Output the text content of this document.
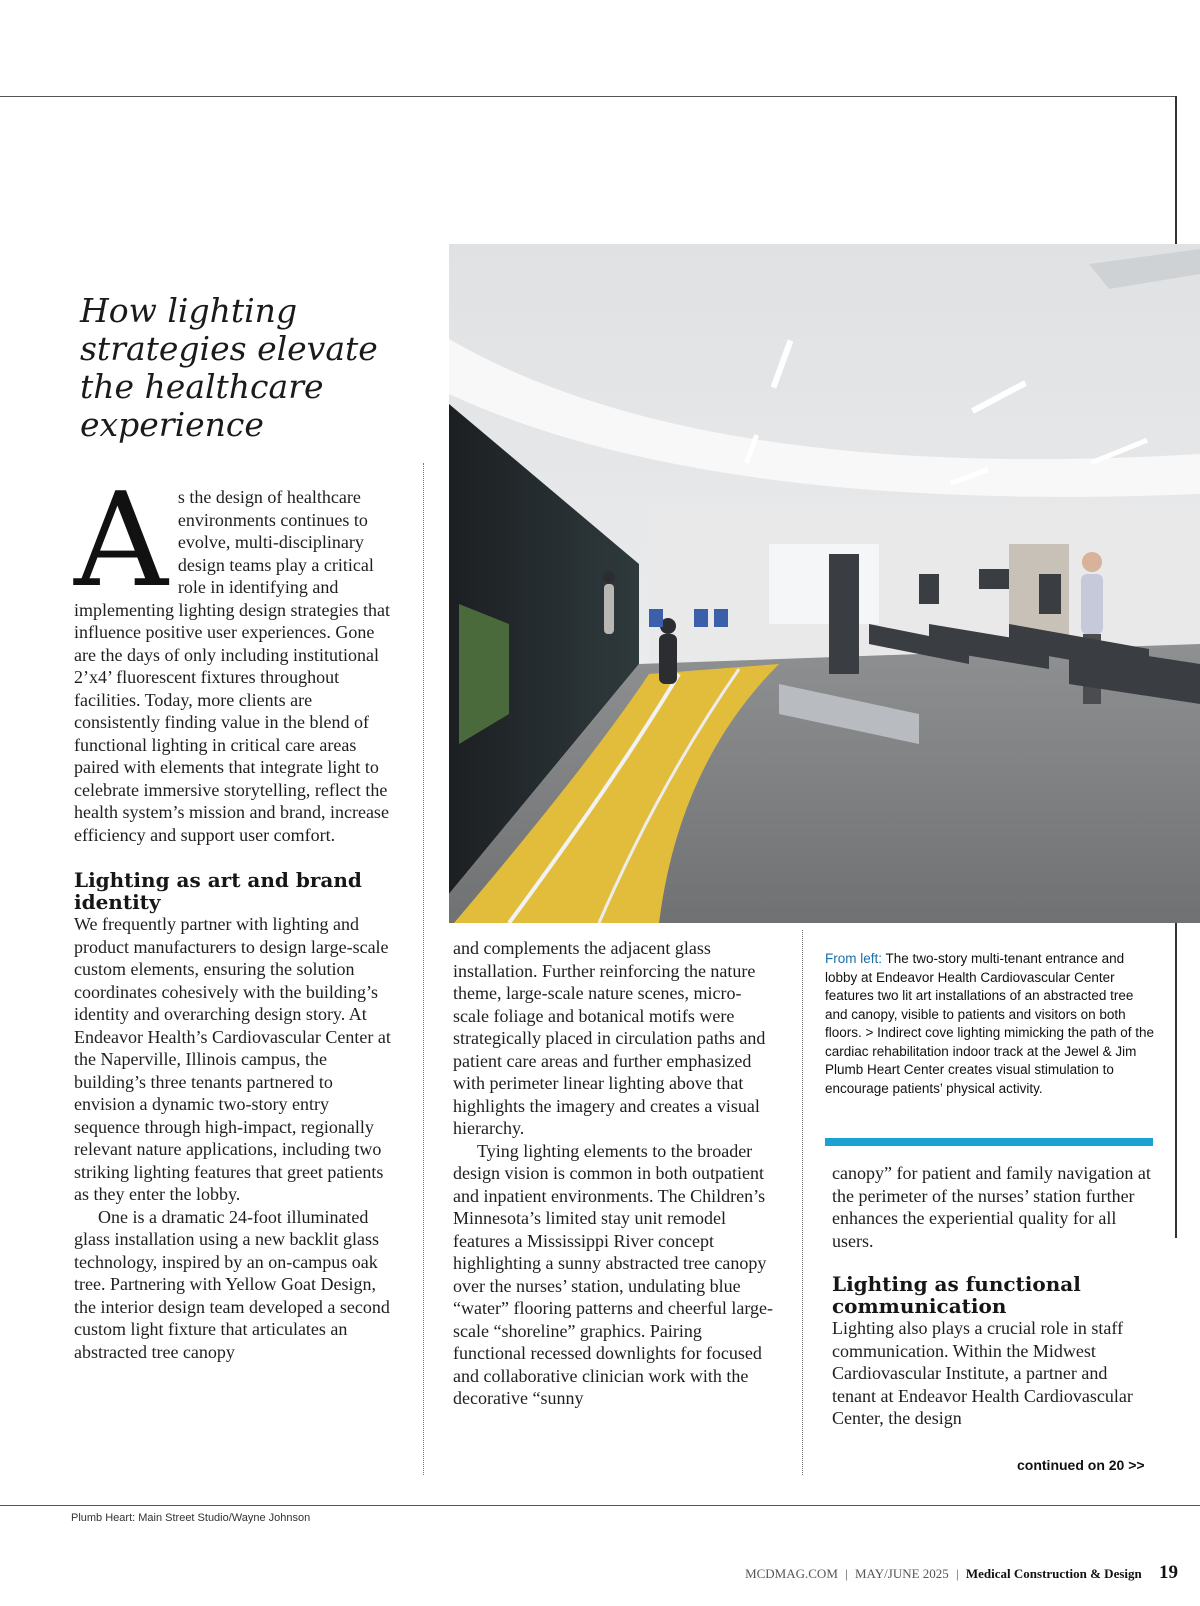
How lighting strategies elevate the healthcare experience

A s the design of healthcare environments continues to evolve, multi-disciplinary design teams play a critical role in identifying and implementing lighting design strategies that influence positive user experiences. Gone are the days of only including institutional 2’x4’ fluorescent fixtures throughout facilities. Today, more clients are consistently finding value in the blend of functional lighting in critical care areas paired with elements that integrate light to celebrate immersive storytelling, reflect the health system’s mission and brand, increase efficiency and support user comfort.

Lighting as art and brand identity

We frequently partner with lighting and product manufacturers to design large-scale custom elements, ensuring the solution coordinates cohesively with the building’s identity and overarching design story. At Endeavor Health’s Cardiovascular Center at the Naperville, Illinois campus, the building’s three tenants partnered to envision a dynamic two-story entry sequence through high-impact, regionally relevant nature applications, including two striking lighting features that greet patients as they enter the lobby.

One is a dramatic 24-foot illuminated glass installation using a new backlit glass technology, inspired by an on-campus oak tree. Partnering with Yellow Goat Design, the interior design team developed a second custom light fixture that articulates an abstracted tree canopy

and complements the adjacent glass installation. Further reinforcing the nature theme, large-scale nature scenes, micro-scale foliage and botanical motifs were strategically placed in circulation paths and patient care areas and further emphasized with perimeter linear lighting above that highlights the imagery and creates a visual hierarchy.

Tying lighting elements to the broader design vision is common in both outpatient and inpatient environments. The Children’s Minnesota’s limited stay unit remodel features a Mississippi River concept highlighting a sunny abstracted tree canopy over the nurses’ station, undulating blue “water” flooring patterns and cheerful large-scale “shoreline” graphics. Pairing functional recessed downlights for focused and collaborative clinician work with the decorative “sunny

From left: The two-story multi-tenant entrance and lobby at Endeavor Health Cardiovascular Center features two lit art installations of an abstracted tree and canopy, visible to patients and visitors on both floors. > Indirect cove lighting mimicking the path of the cardiac rehabilitation indoor track at the Jewel & Jim Plumb Heart Center creates visual stimulation to encourage patients’ physical activity.

canopy” for patient and family navigation at the perimeter of the nurses’ station further enhances the experiential quality for all users.

Lighting as functional communication

Lighting also plays a crucial role in staff communication. Within the Midwest Cardiovascular Institute, a partner and tenant at Endeavor Health Cardiovascular Center, the design

continued on 20 >>

Plumb Heart: Main Street Studio/Wayne Johnson

MCDMAG.COM | MAY/JUNE 2025 | Medical Construction & Design 19
